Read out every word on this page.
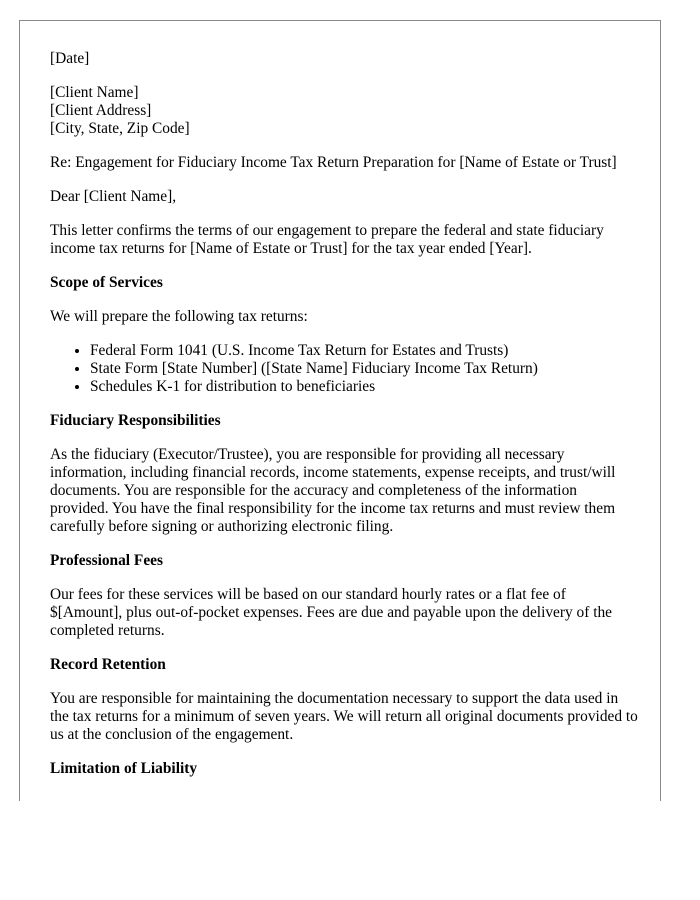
[Date]

[Client Name]
[Client Address]
[City, State, Zip Code]

Re: Engagement for Fiduciary Income Tax Return Preparation for [Name of Estate or Trust]

Dear [Client Name],

This letter confirms the terms of our engagement to prepare the federal and state fiduciary income tax returns for [Name of Estate or Trust] for the tax year ended [Year].

Scope of Services

We will prepare the following tax returns:

• Federal Form 1041 (U.S. Income Tax Return for Estates and Trusts)
• State Form [State Number] ([State Name] Fiduciary Income Tax Return)
• Schedules K-1 for distribution to beneficiaries
Fiduciary Responsibilities

As the fiduciary (Executor/Trustee), you are responsible for providing all necessary information, including financial records, income statements, expense receipts, and trust/will documents. You are responsible for the accuracy and completeness of the information provided. You have the final responsibility for the income tax returns and must review them carefully before signing or authorizing electronic filing.

Professional Fees

Our fees for these services will be based on our standard hourly rates or a flat fee of $[Amount], plus out-of-pocket expenses. Fees are due and payable upon the delivery of the completed returns.

Record Retention

You are responsible for maintaining the documentation necessary to support the data used in the tax returns for a minimum of seven years. We will return all original documents provided to us at the conclusion of the engagement.

Limitation of Liability
